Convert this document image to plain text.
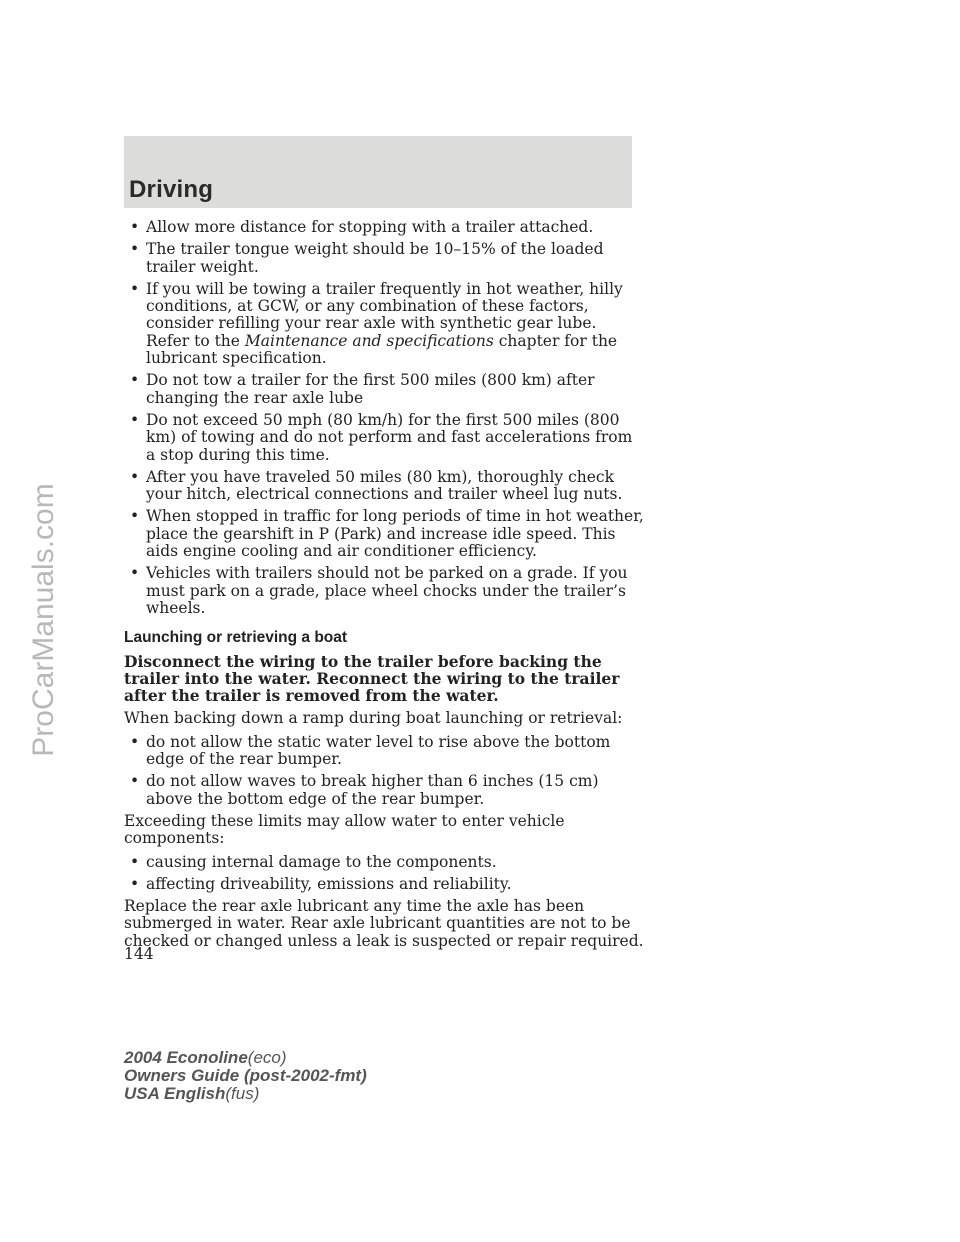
Driving
• Allow more distance for stopping with a trailer attached.
• The trailer tongue weight should be 10–15% of the loaded trailer weight.
• If you will be towing a trailer frequently in hot weather, hilly conditions, at GCW, or any combination of these factors, consider refilling your rear axle with synthetic gear lube. Refer to the Maintenance and specifications chapter for the lubricant specification.
• Do not tow a trailer for the first 500 miles (800 km) after changing the rear axle lube
• Do not exceed 50 mph (80 km/h) for the first 500 miles (800 km) of towing and do not perform and fast accelerations from a stop during this time.
• After you have traveled 50 miles (80 km), thoroughly check your hitch, electrical connections and trailer wheel lug nuts.
• When stopped in traffic for long periods of time in hot weather, place the gearshift in P (Park) and increase idle speed. This aids engine cooling and air conditioner efficiency.
• Vehicles with trailers should not be parked on a grade. If you must park on a grade, place wheel chocks under the trailer’s wheels.
Launching or retrieving a boat

Disconnect the wiring to the trailer before backing the trailer into the water. Reconnect the wiring to the trailer after the trailer is removed from the water.

When backing down a ramp during boat launching or retrieval:

• do not allow the static water level to rise above the bottom edge of the rear bumper.
• do not allow waves to break higher than 6 inches (15 cm) above the bottom edge of the rear bumper.

Exceeding these limits may allow water to enter vehicle components:

• causing internal damage to the components.
• affecting driveability, emissions and reliability.

Replace the rear axle lubricant any time the axle has been submerged in water. Rear axle lubricant quantities are not to be checked or changed unless a leak is suspected or repair required.

144
2004 Econoline(eco)
Owners Guide (post-2002-fmt)
USA English(fus)
ProCarManuals.com
